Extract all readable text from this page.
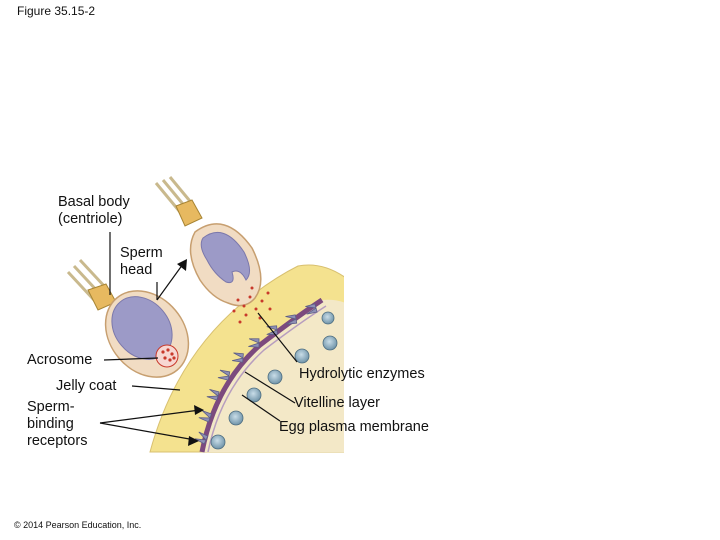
Figure 35.15-2
Basal body
(centriole)
Sperm
head
Acrosome
Jelly coat
Sperm-
binding
receptors
Hydrolytic enzymes
Vitelline layer
Egg plasma membrane
© 2014 Pearson Education, Inc.
